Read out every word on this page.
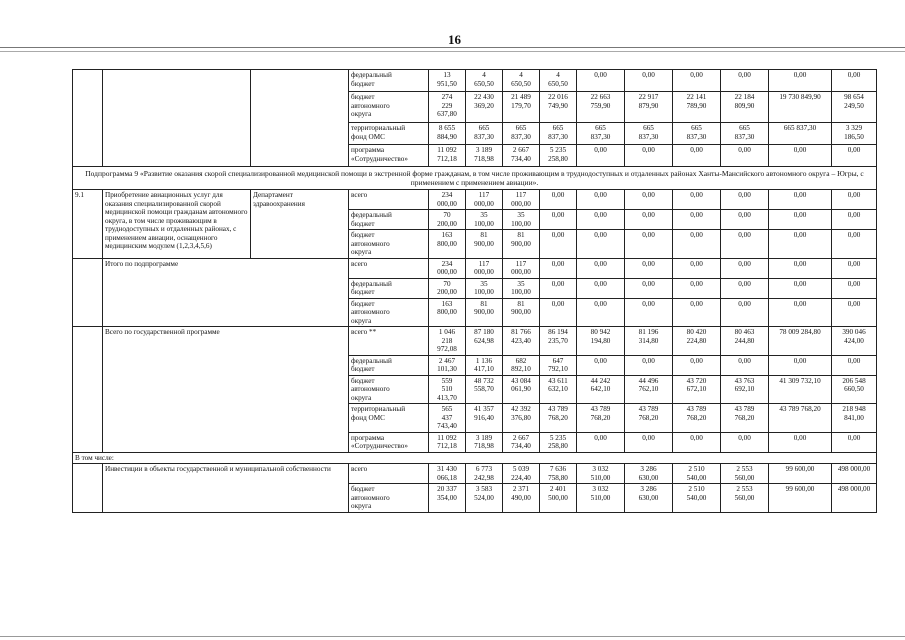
16
			федеральный
бюджет	13
951,50	4
650,50	4
650,50	4
650,50	0,00	0,00	0,00	0,00	0,00	0,00
			бюджет
автономного
округа	274
229
637,80	22 430
369,20	21 489
179,70	22 016
749,90	22 663
759,90	22 917
879,90	22 141
789,90	22 184
809,90	19 730 849,90	98 654
249,50
			территориальный
фонд ОМС	8 655
884,90	665
837,30	665
837,30	665
837,30	665
837,30	665
837,30	665
837,30	665
837,30	665 837,30	3 329
186,50
			программа
«Сотрудничество»	11 092
712,18	3 189
718,98	2 667
734,40	5 235
258,80	0,00	0,00	0,00	0,00	0,00	0,00
Подпрограмма 9 «Развитие оказания скорой специализированной медицинской помощи в экстренной форме гражданам, в том числе проживающим в труднодоступных и отдаленных районах Ханты-Мансийского автономного округа – Югры, с применением с применением авиации».													
9.1	Приобретение авиационных услуг для оказания специализированной скорой медицинской помощи гражданам автономного округа, в том числе проживающим в труднодоступных и отдаленных районах, с применением авиации, оснащенного медицинским модулем (1,2,3,4,5,6)	Департамент здравоохранения	всего	234
000,00	117
000,00	117
000,00	0,00	0,00	0,00	0,00	0,00	0,00	0,00
			федеральный
бюджет	70
200,00	35
100,00	35
100,00	0,00	0,00	0,00	0,00	0,00	0,00	0,00
			бюджет
автономного
округа	163
800,00	81
900,00	81
900,00	0,00	0,00	0,00	0,00	0,00	0,00	0,00
	Итого по подпрограмме		всего	234
000,00	117
000,00	117
000,00	0,00	0,00	0,00	0,00	0,00	0,00	0,00
			федеральный
бюджет	70
200,00	35
100,00	35
100,00	0,00	0,00	0,00	0,00	0,00	0,00	0,00
			бюджет
автономного
округа	163
800,00	81
900,00	81
900,00	0,00	0,00	0,00	0,00	0,00	0,00	0,00
	Всего по государственной программе		всего **	1 046
218
972,08	87 180
624,98	81 766
423,40	86 194
235,70	80 942
194,80	81 196
314,80	80 420
224,80	80 463
244,80	78 009 284,80	390 046
424,00
			федеральный
бюджет	2 467
101,30	1 136
417,10	682
892,10	647
792,10	0,00	0,00	0,00	0,00	0,00	0,00
			бюджет
автономного
округа	559
510
413,70	48 732
558,70	43 084
061,90	43 611
632,10	44 242
642,10	44 496
762,10	43 720
672,10	43 763
692,10	41 309 732,10	206 548
660,50
			территориальный
фонд ОМС	565
437
743,40	41 357
916,40	42 392
376,80	43 789
768,20	43 789
768,20	43 789
768,20	43 789
768,20	43 789
768,20	43 789 768,20	218 948
841,00
			программа
«Сотрудничество»	11 092
712,18	3 189
718,98	2 667
734,40	5 235
258,80	0,00	0,00	0,00	0,00	0,00	0,00
В том числе:													
	Инвестиции в объекты государственной и муниципальной собственности		всего	31 430
066,18	6 773
242,98	5 039
224,40	7 636
758,80	3 032
510,00	3 286
630,00	2 510
540,00	2 553
560,00	99 600,00	498 000,00
			бюджет
автономного
округа	20 337
354,00	3 583
524,00	2 371
490,00	2 401
500,00	3 032
510,00	3 286
630,00	2 510
540,00	2 553
560,00	99 600,00	498 000,00
